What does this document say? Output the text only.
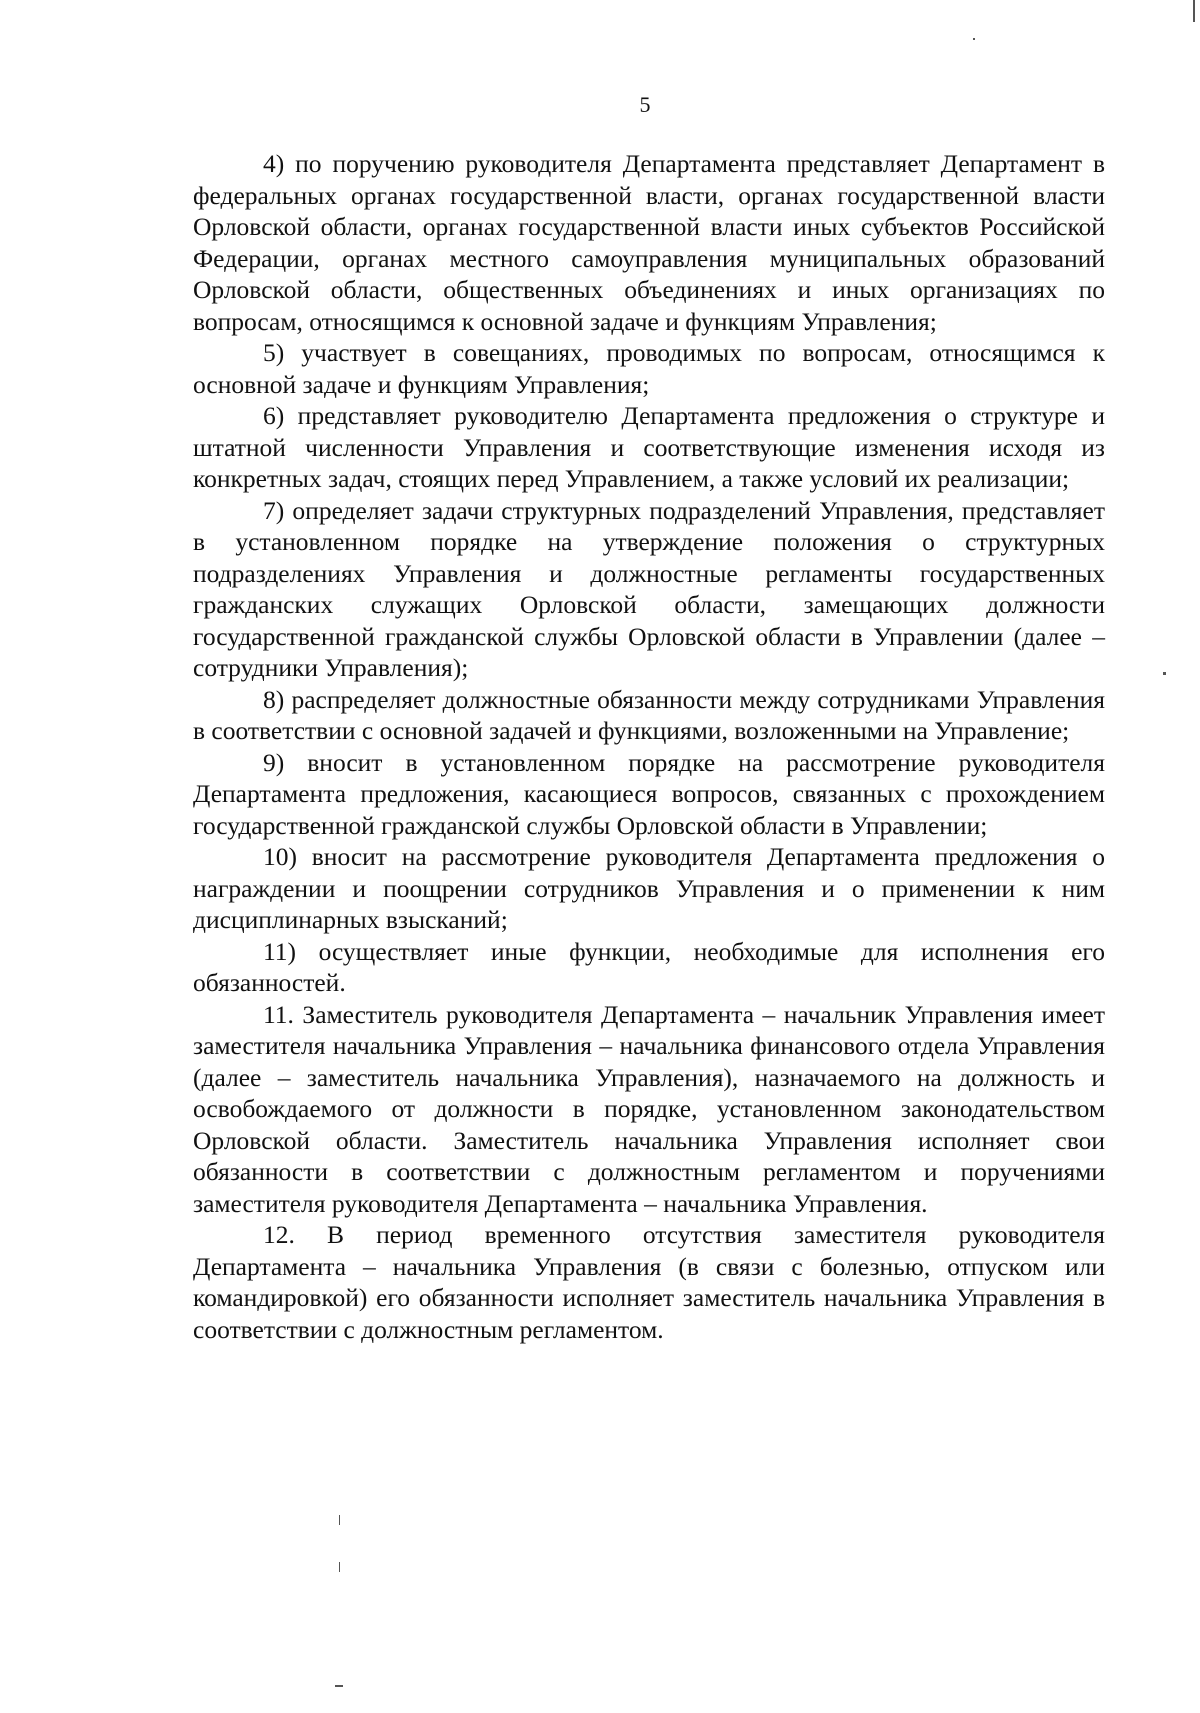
5

4) по поручению руководителя Департамента представляет Департамент в федеральных органах государственной власти, органах государственной власти Орловской области, органах государственной власти иных субъектов Российской Федерации, органах местного самоуправления муниципальных образований Орловской области, общественных объединениях и иных организациях по вопросам, относящимся к основной задаче и функциям Управления;

5) участвует в совещаниях, проводимых по вопросам, относящимся к основной задаче и функциям Управления;

6) представляет руководителю Департамента предложения о структуре и штатной численности Управления и соответствующие изменения исходя из конкретных задач, стоящих перед Управлением, а также условий их реализации;

7) определяет задачи структурных подразделений Управления, представляет в установленном порядке на утверждение положения о структурных подразделениях Управления и должностные регламенты государственных гражданских служащих Орловской области, замещающих должности государственной гражданской службы Орловской области в Управлении (далее – сотрудники Управления);

8) распределяет должностные обязанности между сотрудниками Управления в соответствии с основной задачей и функциями, возложенными на Управление;

9) вносит в установленном порядке на рассмотрение руководителя Департамента предложения, касающиеся вопросов, связанных с прохождением государственной гражданской службы Орловской области в Управлении;

10) вносит на рассмотрение руководителя Департамента предложения о награждении и поощрении сотрудников Управления и о применении к ним дисциплинарных взысканий;

11) осуществляет иные функции, необходимые для исполнения его обязанностей.

11. Заместитель руководителя Департамента – начальник Управления имеет заместителя начальника Управления – начальника финансового отдела Управления (далее – заместитель начальника Управления), назначаемого на должность и освобождаемого от должности в порядке, установленном законодательством Орловской области. Заместитель начальника Управления исполняет свои обязанности в соответствии с должностным регламентом и поручениями заместителя руководителя Департамента – начальника Управления.

12. В период временного отсутствия заместителя руководителя Департамента – начальника Управления (в связи с болезнью, отпуском или командировкой) его обязанности исполняет заместитель начальника Управления в соответствии с должностным регламентом.
